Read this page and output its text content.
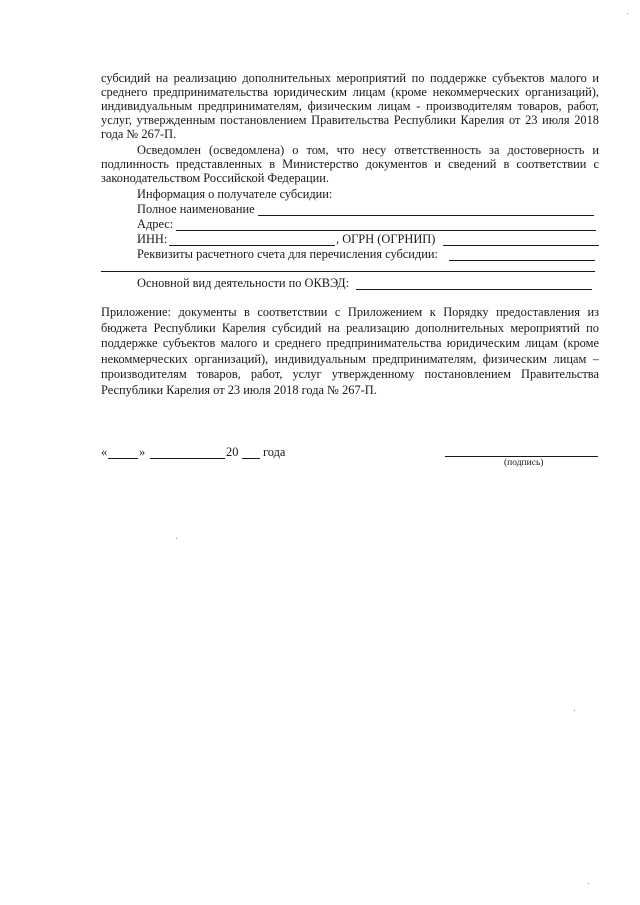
субсидий на реализацию дополнительных мероприятий по поддержке субъектов малого и среднего предпринимательства юридическим лицам (кроме некоммерческих организаций), индивидуальным предпринимателям, физическим лицам - производителям товаров, работ, услуг, утвержденным постановлением Правительства Республики Карелия от 23 июля 2018 года № 267-П.
Осведомлен (осведомлена) о том, что несу ответственность за достоверность и подлинность представленных в Министерство документов и сведений в соответствии с законодательством Российской Федерации.
Информация о получателе субсидии:
Полное наименование
Адрес:
ИНН:	, ОГРН (ОГРНИП)
Реквизиты расчетного счета для перечисления субсидии:
Основной вид деятельности по ОКВЭД:
Приложение: документы в соответствии с Приложением к Порядку предоставления из бюджета Республики Карелия субсидий на реализацию дополнительных мероприятий по поддержке субъектов малого и среднего предпринимательства юридическим лицам (кроме некоммерческих организаций), индивидуальным предпринимателям, физическим лицам – производителям товаров, работ, услуг утвержденному постановлением Правительства Республики Карелия от 23 июля 2018 года № 267-П.
«	»	20 года
(подпись)
